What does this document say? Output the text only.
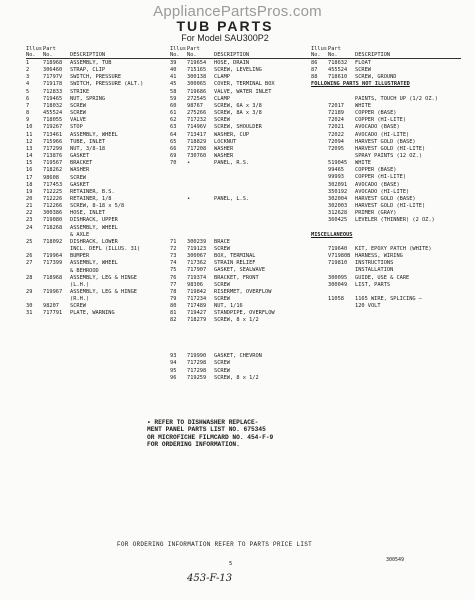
AppliancePartsPros.com
TUB PARTS
For Model SAU300P2
Illus.
No.
Part
No.	DESCRIPTION
1	718968	ASSEMBLY, TUB
2	306460	STRAP, CLIP
3	71797V	SWITCH, PRESSURE
4	719178	SWITCH, PRESSURE (ALT.)
5	712833	STRIKE
6	719465	NUT, SPRING
7	718032	SCREW
8	455524	SCREW
9	718055	VALVE
10	719267	STOP
11	713461	ASSEMBLY, WHEEL
12	715966	TUBE, INLET
13	717299	NUT, 3/8-18
14	713876	GASKET
15	719567	BRACKET
16	718262	WASHER
17	98608	SCREW
18	717453	GASKET
19	712225	RETAINER, B.S.
20	712226	RETAINER, 1/8
21	712266	SCREW, 8-18 x 5/8
22	300386	HOSE, INLET
23	719080	DISHRACK, UPPER
24	718268	ASSEMBLY, WHEEL
& AXLE
25	718092	DISHRACK, LOWER
INCL. DEFL (ILLUS. 31)
26	719964	BUMPER
27	717399	ASSEMBLY, WHEEL
& BEHROOD
28	718968	ASSEMBLY, LEG & HINGE
(L.H.)
29	719967	ASSEMBLY, LEG & HINGE
(R.H.)
30	98207	SCREW
31	717791	PLATE, WARNING
Illus.
No.
Part
No.	DESCRIPTION
39	719654	HOSE, DRAIN
40	715165	SCREW, LEVELING
41	300138	CLAMP
45	300065	COVER, TERMINAL BOX
58	719686	VALVE, WATER INLET
59	272545	CLAMP
60	98767	SCREW, 6A x 3/8
61	275266	SCREW, 8A x 3/8
62	717232	SCREW
63	71496V	SCREW, SHOULDER
64	713417	WASHER, CUP
65	718829	LOCKNUT
66	717208	WASHER
69	730760	WASHER
70	•	PANEL, R.S.
•	PANEL, L.S.
71	300239	BRACE
72	719123	SCREW
73	300067	BOX, TERMINAL
74	717362	STRAIN RELIEF
75	717907	GASKET, SEALWAVE
76	719374	BRACKET, FRONT
77	98306	SCREW
78	719842	RISERMET, OVERFLOW
79	717234	SCREW
80	717489	NUT, 1/16
81	719427	STANDPIPE, OVERFLOW
82	718279	SCREW, 8 x 1/2
93	719990	GASKET, CHEVRON
94	717298	SCREW
95	717298	SCREW
96	719259	SCREW, 8 x 1/2
Illus.
No.
Part
No.	DESCRIPTION
86	718632	FLOAT
87	455524	SCREW
88	718610	SCREW, GROUND
FOLLOWING PARTS NOT ILLUSTRATED
PAINTS, TOUCH UP (1/2 OZ.)
72017	WHITE
72189	COPPER (BASE)
72024	COPPER (HI-LITE)
72021	AVOCADO (BASE)
72022	AVOCADO (HI-LITE)
72094	HARVEST GOLD (BASE)
72095	HARVEST GOLD (HI-LITE)
SPRAY PAINTS (12 OZ.)
519045	WHITE
99465	COPPER (BASE)
99993	COPPER (HI-LITE)
302091	AVOCADO (BASE)
350192	AVOCADO (HI-LITE)
302004	HARVEST GOLD (BASE)
302003	HARVEST GOLD (HI-LITE)
312628	PRIMER (GRAY)
360425	LEVELER (THINNER) (2 OZ.)
MISCELLANEOUS
719640	KIT, EPOXY PATCH (WHITE)
V71980B HARNESS, WIRING
719810	INSTRUCTIONS
INSTALLATION
300095	GUIDE, USE & CARE
300049	LIST, PARTS
11058	1165 WIRE, SPLICING —
120 VOLT
• REFER TO DISHWASHER REPLACE-
MENT PANEL PARTS LIST NO. 675345
OR MICROFICHE FILMCARD NO. 454-F-9
FOR ORDERING INFORMATION.
FOR ORDERING INFORMATION REFER TO PARTS PRICE LIST
5
300549
453-F-13
